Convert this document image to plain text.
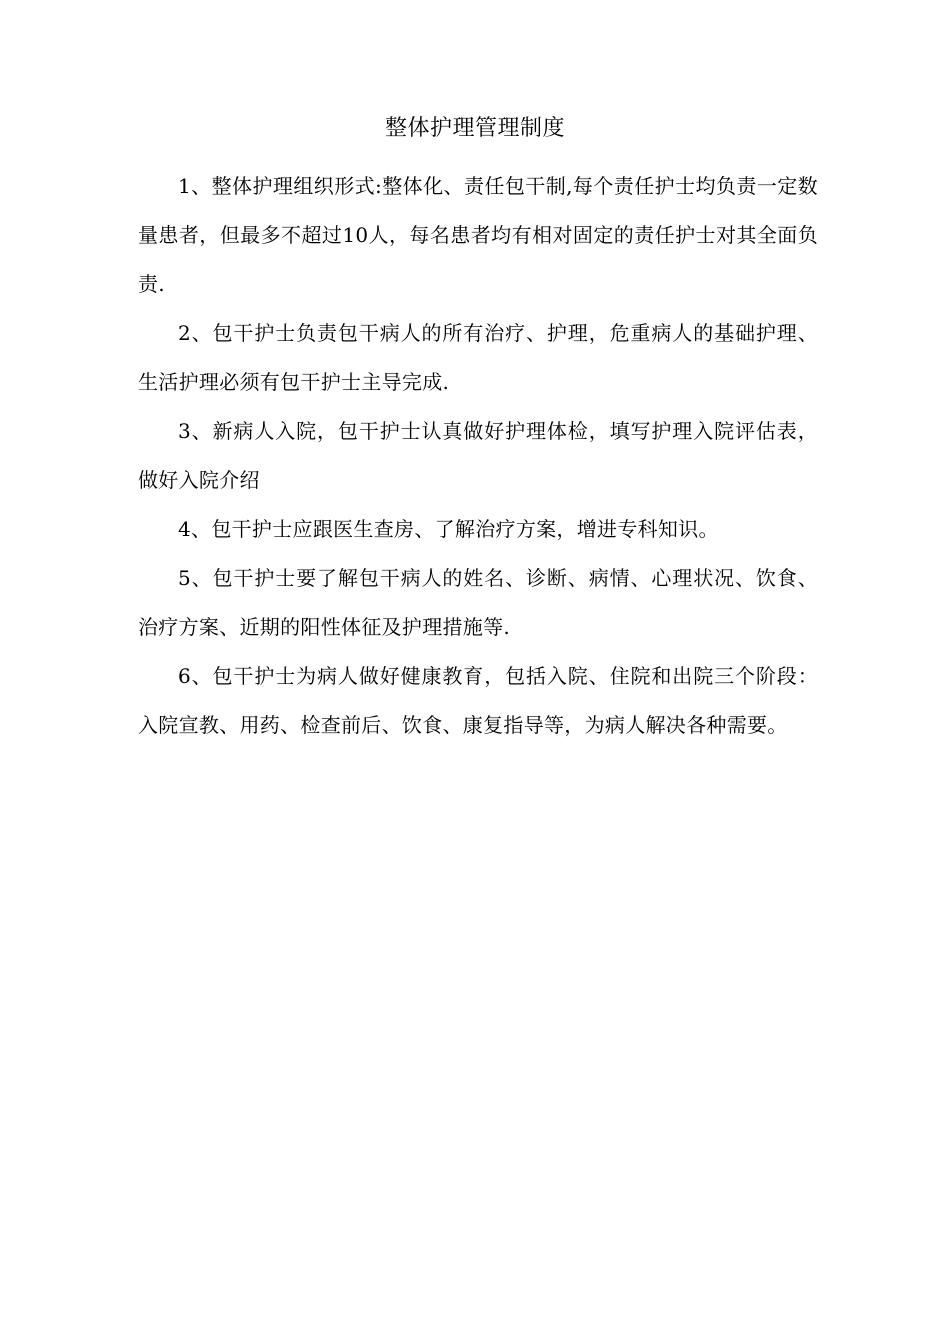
整体护理管理制度

1、整体护理组织形式:整体化、责任包干制,每个责任护士均负责一定数量患者，但最多不超过10人，每名患者均有相对固定的责任护士对其全面负责.

2、包干护士负责包干病人的所有治疗、护理，危重病人的基础护理、生活护理必须有包干护士主导完成.

3、新病人入院，包干护士认真做好护理体检，填写护理入院评估表，做好入院介绍

4、包干护士应跟医生查房、了解治疗方案，增进专科知识。

5、包干护士要了解包干病人的姓名、诊断、病情、心理状况、饮食、治疗方案、近期的阳性体征及护理措施等.

6、包干护士为病人做好健康教育，包括入院、住院和出院三个阶段：入院宣教、用药、检查前后、饮食、康复指导等，为病人解决各种需要。
